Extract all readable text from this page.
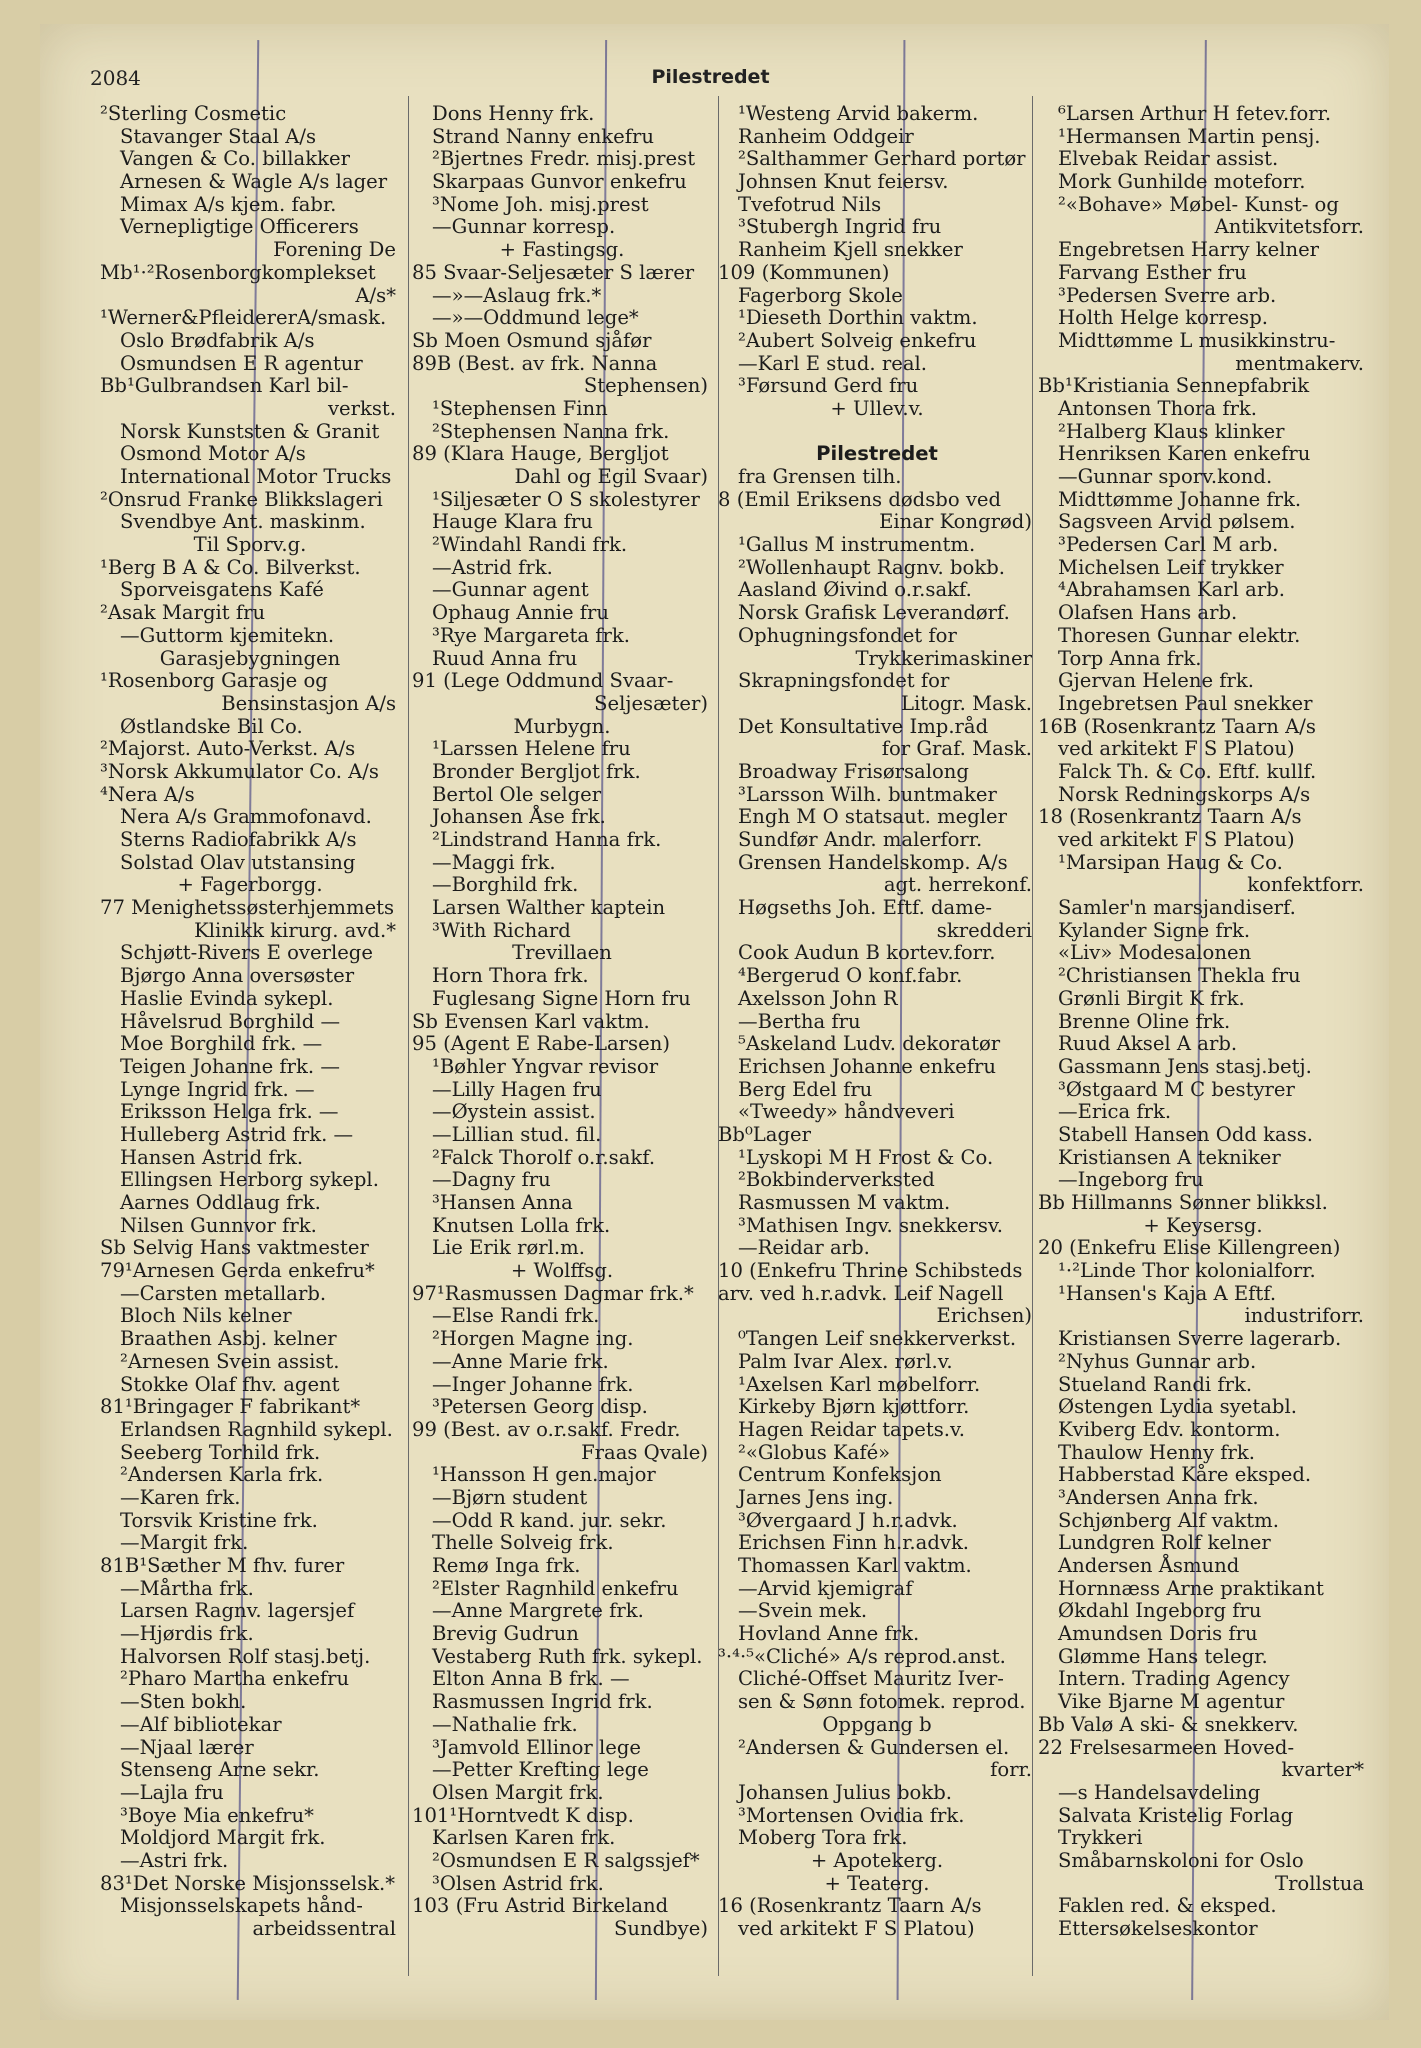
2084	Pilestredet
²Sterling Cosmetic
Stavanger Staal A/s
Vangen & Co. billakker
Arnesen & Wagle A/s lager
Mimax A/s kjem. fabr.
Vernepligtige Officerers
Forening De
Mb¹·²Rosenborgkomplekset
A/s*
¹Werner&PfleidererA/smask.
Oslo Brødfabrik A/s
Osmundsen E R agentur
Bb¹Gulbrandsen Karl bil-
verkst.
Norsk Kunststen & Granit
Osmond Motor A/s
International Motor Trucks
²Onsrud Franke Blikkslageri
Svendbye Ant. maskinm.
Til Sporv.g.
¹Berg B A & Co. Bilverkst.
Sporveisgatens Kafé
²Asak Margit fru
—Guttorm kjemitekn.
Garasjebygningen
¹Rosenborg Garasje og
Bensinstasjon A/s
Østlandske Bil Co.
²Majorst. Auto-Verkst. A/s
³Norsk Akkumulator Co. A/s
⁴Nera A/s
Nera A/s Grammofonavd.
Sterns Radiofabrikk A/s
Solstad Olav utstansing
+ Fagerborgg.
77 Menighetssøsterhjemmets
Klinikk kirurg. avd.*
Schjøtt-Rivers E overlege
Bjørgo Anna oversøster
Haslie Evinda sykepl.
Håvelsrud Borghild —
Moe Borghild frk. —
Teigen Johanne frk. —
Lynge Ingrid frk. —
Eriksson Helga frk. —
Hulleberg Astrid frk. —
Hansen Astrid frk.
Ellingsen Herborg sykepl.
Aarnes Oddlaug frk.
Nilsen Gunnvor frk.
Sb Selvig Hans vaktmester
79¹Arnesen Gerda enkefru*
—Carsten metallarb.
Bloch Nils kelner
Braathen Asbj. kelner
²Arnesen Svein assist.
Stokke Olaf fhv. agent
81¹Bringager F fabrikant*
Erlandsen Ragnhild sykepl.
Seeberg Torhild frk.
²Andersen Karla frk.
—Karen frk.
Torsvik Kristine frk.
—Margit frk.
81B¹Sæther M fhv. furer
—Mårtha frk.
Larsen Ragnv. lagersjef
—Hjørdis frk.
Halvorsen Rolf stasj.betj.
²Pharo Martha enkefru
—Sten bokh.
—Alf bibliotekar
—Njaal lærer
Stenseng Arne sekr.
—Lajla fru
³Boye Mia enkefru*
Moldjord Margit frk.
—Astri frk.
83¹Det Norske Misjonsselsk.*
Misjonsselskapets hånd-
arbeidssentral
Dons Henny frk.
Strand Nanny enkefru
²Bjertnes Fredr. misj.prest
Skarpaas Gunvor enkefru
³Nome Joh. misj.prest
—Gunnar korresp.
+ Fastingsg.
85 Svaar-Seljesæter S lærer
—»—Aslaug frk.*
—»—Oddmund lege*
Sb Moen Osmund sjåfør
89B (Best. av frk. Nanna
Stephensen)
¹Stephensen Finn
²Stephensen Nanna frk.
89 (Klara Hauge, Bergljot
Dahl og Egil Svaar)
¹Siljesæter O S skolestyrer
Hauge Klara fru
²Windahl Randi frk.
—Astrid frk.
—Gunnar agent
Ophaug Annie fru
³Rye Margareta frk.
Ruud Anna fru
91 (Lege Oddmund Svaar-
Seljesæter)
Murbygn.
¹Larssen Helene fru
Bronder Bergljot frk.
Bertol Ole selger
Johansen Åse frk.
²Lindstrand Hanna frk.
—Maggi frk.
—Borghild frk.
Larsen Walther kaptein
³With Richard
Trevillaen
Horn Thora frk.
Fuglesang Signe Horn fru
Sb Evensen Karl vaktm.
95 (Agent E Rabe-Larsen)
¹Bøhler Yngvar revisor
—Lilly Hagen fru
—Øystein assist.
—Lillian stud. fil.
²Falck Thorolf o.r.sakf.
—Dagny fru
³Hansen Anna
Knutsen Lolla frk.
Lie Erik rørl.m.
+ Wolffsg.
97¹Rasmussen Dagmar frk.*
—Else Randi frk.
²Horgen Magne ing.
—Anne Marie frk.
—Inger Johanne frk.
³Petersen Georg disp.
99 (Best. av o.r.sakf. Fredr.
Fraas Qvale)
¹Hansson H gen.major
—Bjørn student
—Odd R kand. jur. sekr.
Thelle Solveig frk.
Remø Inga frk.
²Elster Ragnhild enkefru
—Anne Margrete frk.
Brevig Gudrun
Vestaberg Ruth frk. sykepl.
Elton Anna B frk. —
Rasmussen Ingrid frk.
—Nathalie frk.
³Jamvold Ellinor lege
—Petter Krefting lege
Olsen Margit frk.
101¹Horntvedt K disp.
Karlsen Karen frk.
²Osmundsen E R salgssjef*
³Olsen Astrid frk.
103 (Fru Astrid Birkeland
Sundbye)
¹Westeng Arvid bakerm.
Ranheim Oddgeir
²Salthammer Gerhard portør
Johnsen Knut feiersv.
Tvefotrud Nils
³Stubergh Ingrid fru
Ranheim Kjell snekker
109 (Kommunen)
Fagerborg Skole
¹Dieseth Dorthin vaktm.
²Aubert Solveig enkefru
—Karl E stud. real.
³Førsund Gerd fru
+ Ullev.v.
Pilestredet
fra Grensen tilh.
8 (Emil Eriksens dødsbo ved
Einar Kongrød)
¹Gallus M instrumentm.
²Wollenhaupt Ragnv. bokb.
Aasland Øivind o.r.sakf.
Norsk Grafisk Leverandørf.
Ophugningsfondet for
Trykkerimaskiner
Skrapningsfondet for
Litogr. Mask.
Det Konsultative Imp.råd
for Graf. Mask.
Broadway Frisørsalong
³Larsson Wilh. buntmaker
Engh M O statsaut. megler
Sundfør Andr. malerforr.
Grensen Handelskomp. A/s
agt. herrekonf.
Høgseths Joh. Eftf. dame-
skredderi
Cook Audun B kortev.forr.
⁴Bergerud O konf.fabr.
Axelsson John R
—Bertha fru
⁵Askeland Ludv. dekoratør
Erichsen Johanne enkefru
Berg Edel fru
«Tweedy» håndveveri
Bb⁰Lager
¹Lyskopi M H Frost & Co.
²Bokbinderverksted
Rasmussen M vaktm.
³Mathisen Ingv. snekkersv.
—Reidar arb.
10 (Enkefru Thrine Schibsteds
arv. ved h.r.advk. Leif Nagell
Erichsen)
⁰Tangen Leif snekkerverkst.
Palm Ivar Alex. rørl.v.
¹Axelsen Karl møbelforr.
Kirkeby Bjørn kjøttforr.
Hagen Reidar tapets.v.
²«Globus Kafé»
Centrum Konfeksjon
Jarnes Jens ing.
³Øvergaard J h.r.advk.
Erichsen Finn h.r.advk.
Thomassen Karl vaktm.
—Arvid kjemigraf
—Svein mek.
Hovland Anne frk.
³·⁴·⁵«Cliché» A/s reprod.anst.
Cliché-Offset Mauritz Iver-
sen & Sønn fotomek. reprod.
Oppgang b
²Andersen & Gundersen el.
forr.
Johansen Julius bokb.
³Mortensen Ovidia frk.
Moberg Tora frk.
+ Apotekerg.
+ Teaterg.
16 (Rosenkrantz Taarn A/s
ved arkitekt F S Platou)
⁶Larsen Arthur H fetev.forr.
¹Hermansen Martin pensj.
Elvebak Reidar assist.
Mork Gunhilde moteforr.
²«Bohave» Møbel- Kunst- og
Antikvitetsforr.
Engebretsen Harry kelner
Farvang Esther fru
³Pedersen Sverre arb.
Holth Helge korresp.
Midttømme L musikkinstru-
mentmakerv.
Bb¹Kristiania Sennepfabrik
Antonsen Thora frk.
²Halberg Klaus klinker
Henriksen Karen enkefru
—Gunnar sporv.kond.
Midttømme Johanne frk.
Sagsveen Arvid pølsem.
³Pedersen Carl M arb.
Michelsen Leif trykker
⁴Abrahamsen Karl arb.
Olafsen Hans arb.
Thoresen Gunnar elektr.
Torp Anna frk.
Gjervan Helene frk.
Ingebretsen Paul snekker
16B (Rosenkrantz Taarn A/s
ved arkitekt F S Platou)
Falck Th. & Co. Eftf. kullf.
Norsk Redningskorps A/s
18 (Rosenkrantz Taarn A/s
ved arkitekt F S Platou)
¹Marsipan Haug & Co.
konfektforr.
Samler'n marsjandiserf.
Kylander Signe frk.
«Liv» Modesalonen
²Christiansen Thekla fru
Grønli Birgit K frk.
Brenne Oline frk.
Ruud Aksel A arb.
Gassmann Jens stasj.betj.
³Østgaard M C bestyrer
—Erica frk.
Stabell Hansen Odd kass.
Kristiansen A tekniker
—Ingeborg fru
Bb Hillmanns Sønner blikksl.
+ Keysersg.
20 (Enkefru Elise Killengreen)
¹·²Linde Thor kolonialforr.
¹Hansen's Kaja A Eftf.
industriforr.
Kristiansen Sverre lagerarb.
²Nyhus Gunnar arb.
Stueland Randi frk.
Østengen Lydia syetabl.
Kviberg Edv. kontorm.
Thaulow Henny frk.
Habberstad Kåre eksped.
³Andersen Anna frk.
Schjønberg Alf vaktm.
Lundgren Rolf kelner
Andersen Åsmund
Hornnæss Arne praktikant
Økdahl Ingeborg fru
Amundsen Doris fru
Glømme Hans telegr.
Intern. Trading Agency
Vike Bjarne M agentur
Bb Valø A ski- & snekkerv.
22 Frelsesarmeen Hoved-
kvarter*
—s Handelsavdeling
Salvata Kristelig Forlag
Trykkeri
Småbarnskoloni for Oslo
Trollstua
Faklen red. & eksped.
Ettersøkelseskontor
